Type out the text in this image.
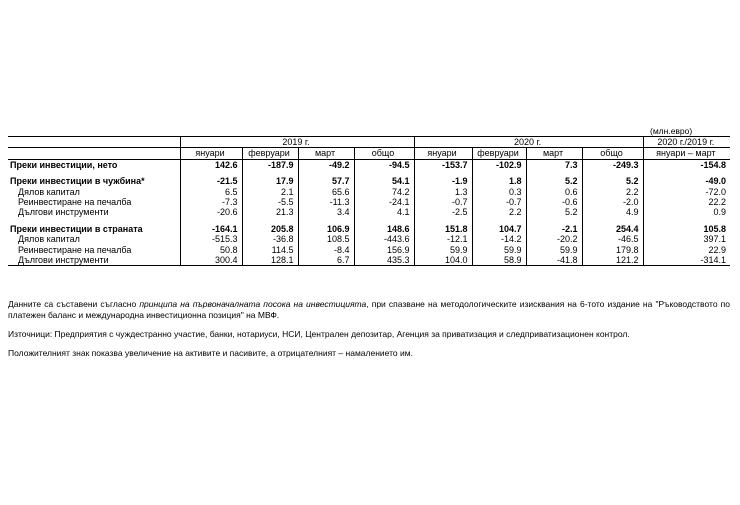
(млн.евро)
	2019 г.				2020 г.				2020 г./2019 г.
	януари	февруари	март	общо	януари	февруари	март	общо	януари – март
Преки инвестиции, нето	142.6	-187.9	-49.2	-94.5	-153.7	-102.9	7.3	-249.3	-154.8

Преки инвестиции в чужбина*	-21.5	17.9	57.7	54.1	-1.9	1.8	5.2	5.2	-49.0
Дялов капитал	6.5	2.1	65.6	74.2	1.3	0.3	0.6	2.2	-72.0
Реинвестиране на печалба	-7.3	-5.5	-11.3	-24.1	-0.7	-0.7	-0.6	-2.0	22.2
Дългови инструменти	-20.6	21.3	3.4	4.1	-2.5	2.2	5.2	4.9	0.9

Преки инвестиции в страната	-164.1	205.8	106.9	148.6	151.8	104.7	-2.1	254.4	105.8
Дялов капитал	-515.3	-36.8	108.5	-443.6	-12.1	-14.2	-20.2	-46.5	397.1
Реинвестиране на печалба	50.8	114.5	-8.4	156.9	59.9	59.9	59.9	179.8	22.9
Дългови инструменти	300.4	128.1	6.7	435.3	104.0	58.9	-41.8	121.2	-314.1

Данните са съставени съгласно принципа на първоначалната посока на инвестицията, при спазване на методологическите изисквания на 6-тото издание на "Ръководството по платежен баланс и международна инвестиционна позиция" на МВФ.

Източници: Предприятия с чуждестранно участие, банки, нотариуси, НСИ, Централен депозитар, Агенция за приватизация и следприватизационен контрол.

Положителният знак показва увеличение на активите и пасивите, а отрицателният – намалението им.
